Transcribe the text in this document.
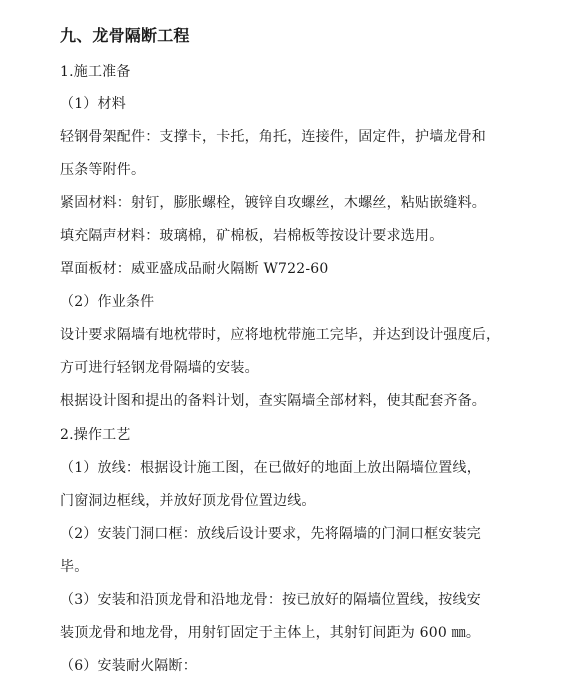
九、龙骨隔断工程
1.施工准备
（1）材料
轻钢骨架配件：支撑卡，卡托，角托，连接件，固定件，护墙龙骨和
压条等附件。
紧固材料：射钉，膨胀螺栓，镀锌自攻螺丝，木螺丝，粘贴嵌缝料。
填充隔声材料：玻璃棉，矿棉板，岩棉板等按设计要求选用。
罩面板材：威亚盛成品耐火隔断 W722-60
（2）作业条件
设计要求隔墙有地枕带时，应将地枕带施工完毕，并达到设计强度后，
方可进行轻钢龙骨隔墙的安装。
根据设计图和提出的备料计划，查实隔墙全部材料，使其配套齐备。
2.操作工艺
（1）放线：根据设计施工图，在已做好的地面上放出隔墙位置线，
门窗洞边框线，并放好顶龙骨位置边线。
（2）安装门洞口框：放线后设计要求，先将隔墙的门洞口框安装完
毕。
（3）安装和沿顶龙骨和沿地龙骨：按已放好的隔墙位置线，按线安
装顶龙骨和地龙骨，用射钉固定于主体上，其射钉间距为 600 ㎜。
（6）安装耐火隔断：
